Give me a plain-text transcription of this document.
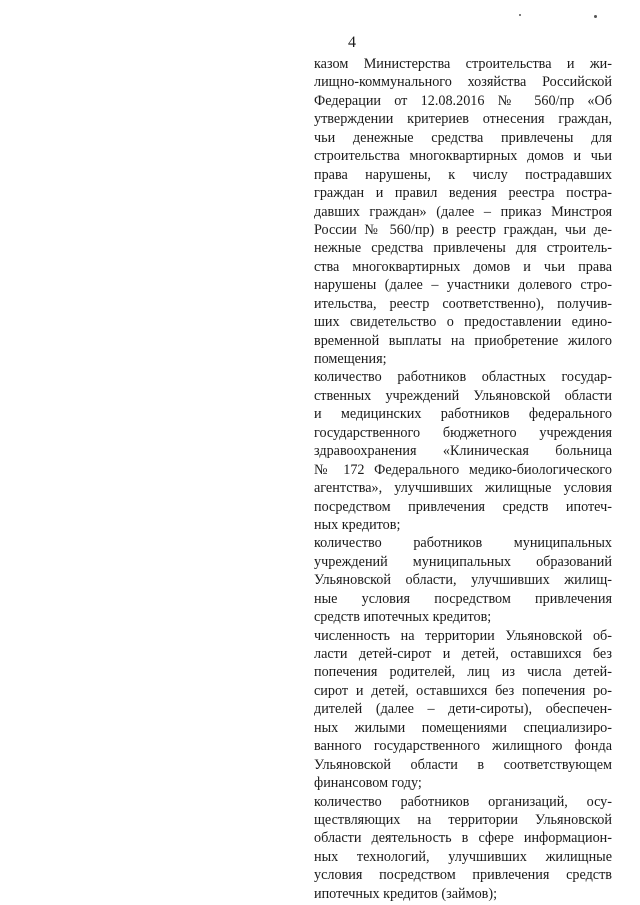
4
казом Министерства строительства и жи-
лищно-коммунального хозяйства Российской
Федерации от 12.08.2016 № 560/пр «Об
утверждении критериев отнесения граждан,
чьи денежные средства привлечены для
строительства многоквартирных домов и чьи
права нарушены, к числу пострадавших
граждан и правил ведения реестра постра-
давших граждан» (далее – приказ Минстроя
России № 560/пр) в реестр граждан, чьи де-
нежные средства привлечены для строитель-
ства многоквартирных домов и чьи права
нарушены (далее – участники долевого стро-
ительства, реестр соответственно), получив-
ших свидетельство о предоставлении едино-
временной выплаты на приобретение жилого
помещения;
количество работников областных государ-
ственных учреждений Ульяновской области
и медицинских работников федерального
государственного бюджетного учреждения
здравоохранения «Клиническая больница
№ 172 Федерального медико-биологического
агентства», улучшивших жилищные условия
посредством привлечения средств ипотеч-
ных кредитов;
количество работников муниципальных
учреждений муниципальных образований
Ульяновской области, улучшивших жилищ-
ные условия посредством привлечения
средств ипотечных кредитов;
численность на территории Ульяновской об-
ласти детей-сирот и детей, оставшихся без
попечения родителей, лиц из числа детей-
сирот и детей, оставшихся без попечения ро-
дителей (далее – дети-сироты), обеспечен-
ных жилыми помещениями специализиро-
ванного государственного жилищного фонда
Ульяновской области в соответствующем
финансовом году;
количество работников организаций, осу-
ществляющих на территории Ульяновской
области деятельность в сфере информацион-
ных технологий, улучшивших жилищные
условия посредством привлечения средств
ипотечных кредитов (займов);
